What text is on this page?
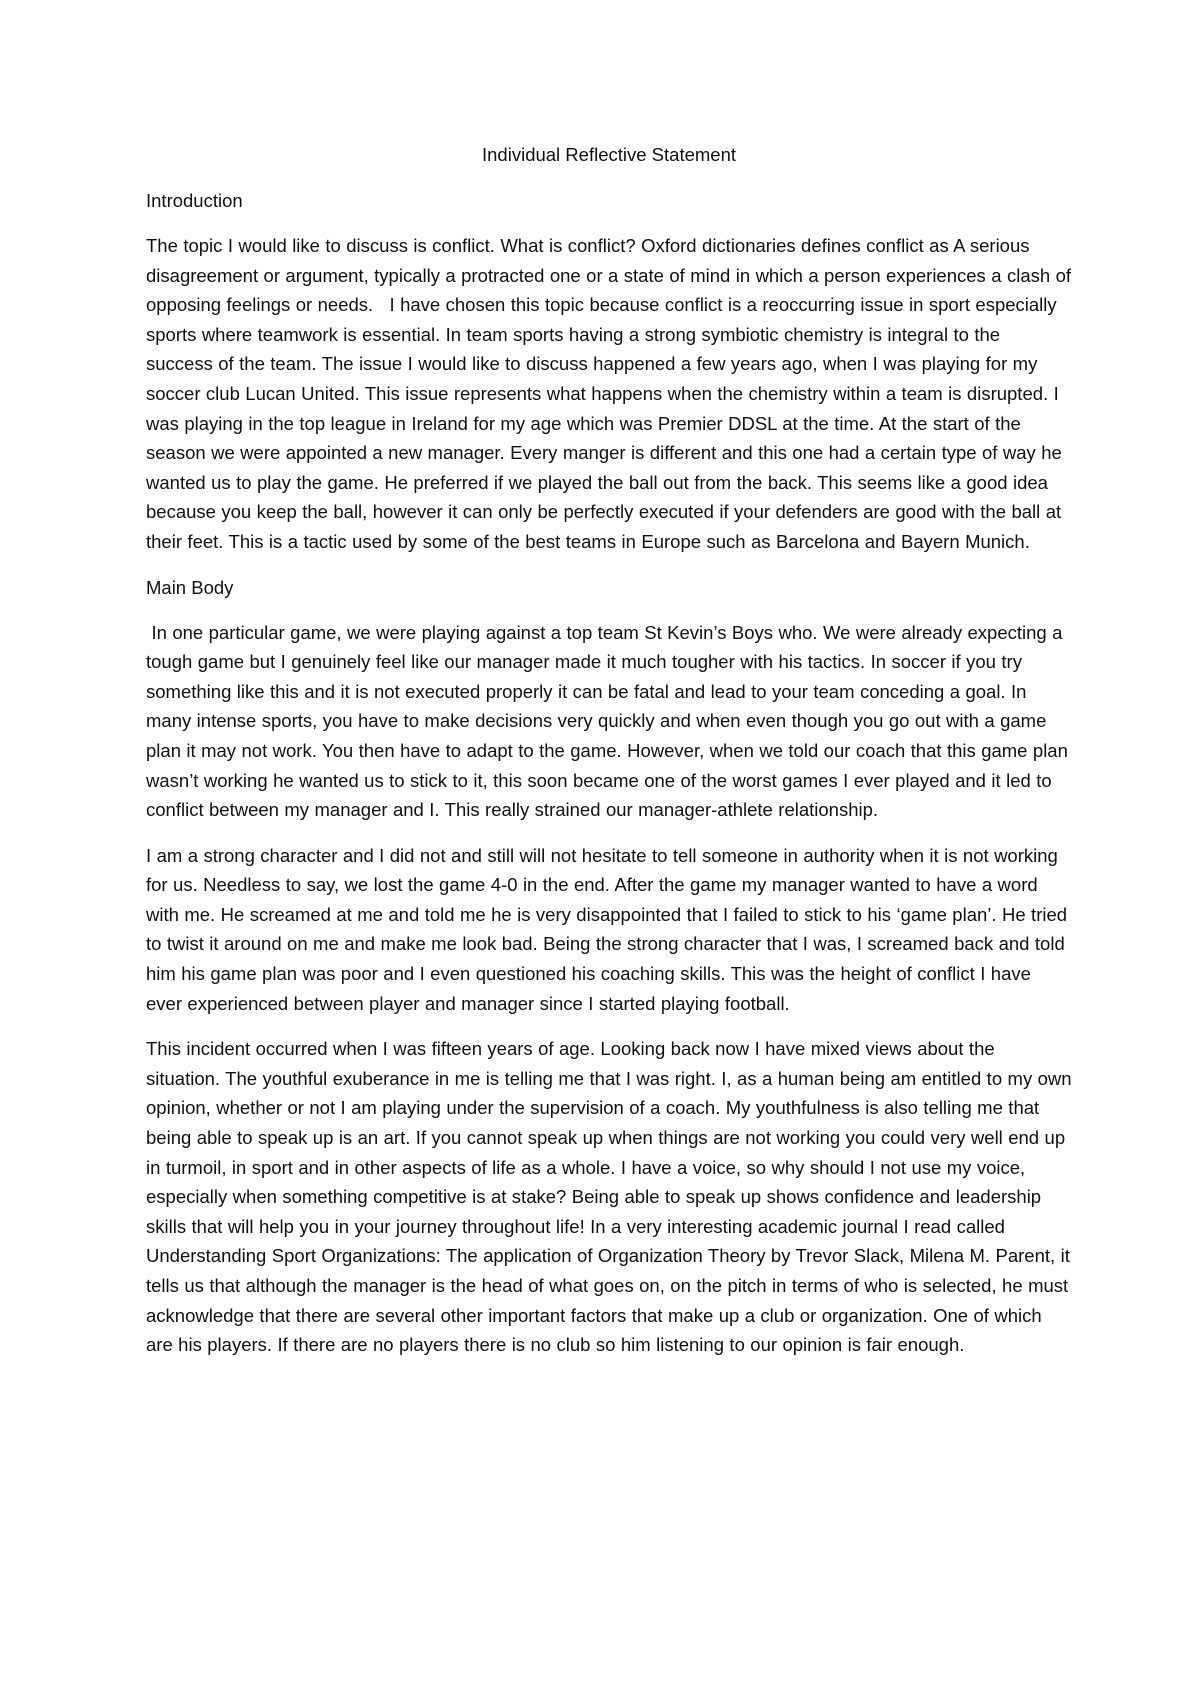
Individual Reflective Statement
Introduction

The topic I would like to discuss is conflict. What is conflict? Oxford dictionaries defines conflict as A serious disagreement or argument, typically a protracted one or a state of mind in which a person experiences a clash of opposing feelings or needs.   I have chosen this topic because conflict is a reoccurring issue in sport especially sports where teamwork is essential. In team sports having a strong symbiotic chemistry is integral to the success of the team. The issue I would like to discuss happened a few years ago, when I was playing for my soccer club Lucan United. This issue represents what happens when the chemistry within a team is disrupted. I was playing in the top league in Ireland for my age which was Premier DDSL at the time. At the start of the season we were appointed a new manager. Every manger is different and this one had a certain type of way he wanted us to play the game. He preferred if we played the ball out from the back. This seems like a good idea because you keep the ball, however it can only be perfectly executed if your defenders are good with the ball at their feet. This is a tactic used by some of the best teams in Europe such as Barcelona and Bayern Munich.

Main Body

In one particular game, we were playing against a top team St Kevin’s Boys who. We were already expecting a tough game but I genuinely feel like our manager made it much tougher with his tactics. In soccer if you try something like this and it is not executed properly it can be fatal and lead to your team conceding a goal. In many intense sports, you have to make decisions very quickly and when even though you go out with a game plan it may not work. You then have to adapt to the game. However, when we told our coach that this game plan wasn’t working he wanted us to stick to it, this soon became one of the worst games I ever played and it led to conflict between my manager and I. This really strained our manager-athlete relationship.

I am a strong character and I did not and still will not hesitate to tell someone in authority when it is not working for us. Needless to say, we lost the game 4-0 in the end. After the game my manager wanted to have a word with me. He screamed at me and told me he is very disappointed that I failed to stick to his ‘game plan’. He tried to twist it around on me and make me look bad. Being the strong character that I was, I screamed back and told him his game plan was poor and I even questioned his coaching skills. This was the height of conflict I have ever experienced between player and manager since I started playing football.

This incident occurred when I was fifteen years of age. Looking back now I have mixed views about the situation. The youthful exuberance in me is telling me that I was right. I, as a human being am entitled to my own opinion, whether or not I am playing under the supervision of a coach. My youthfulness is also telling me that being able to speak up is an art. If you cannot speak up when things are not working you could very well end up in turmoil, in sport and in other aspects of life as a whole. I have a voice, so why should I not use my voice, especially when something competitive is at stake? Being able to speak up shows confidence and leadership skills that will help you in your journey throughout life! In a very interesting academic journal I read called Understanding Sport Organizations: The application of Organization Theory by Trevor Slack, Milena M. Parent, it tells us that although the manager is the head of what goes on, on the pitch in terms of who is selected, he must acknowledge that there are several other important factors that make up a club or organization. One of which are his players. If there are no players there is no club so him listening to our opinion is fair enough.
